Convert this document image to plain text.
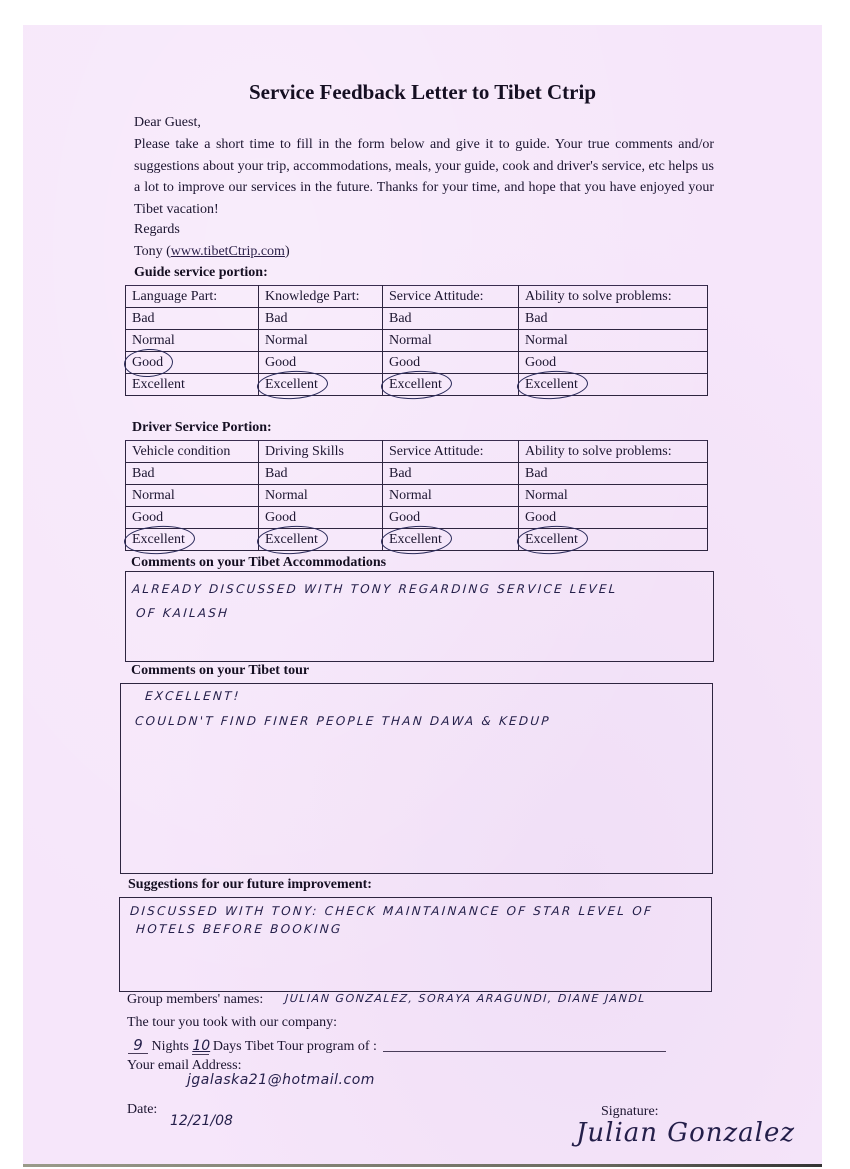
Service Feedback Letter to Tibet Ctrip
Dear Guest,
Please take a short time to fill in the form below and give it to guide. Your true comments and/or suggestions about your trip, accommodations, meals, your guide, cook and driver's service, etc helps us a lot to improve our services in the future. Thanks for your time, and hope that you have enjoyed your Tibet vacation!
Regards
Tony (www.tibetCtrip.com)
Guide service portion:
Language Part:	Knowledge Part:	Service Attitude:	Ability to solve problems:
Bad	Bad	Bad	Bad
Normal	Normal	Normal	Normal
Good	Good	Good	Good
Excellent	Excellent	Excellent	Excellent
Driver Service Portion:
Vehicle condition	Driving Skills	Service Attitude:	Ability to solve problems:
Bad	Bad	Bad	Bad
Normal	Normal	Normal	Normal
Good	Good	Good	Good
Excellent	Excellent	Excellent	Excellent
Comments on your Tibet Accommodations
ALREADY DISCUSSED WITH TONY REGARDING SERVICE LEVEL
OF KAILASH
Comments on your Tibet tour
EXCELLENT!
COULDN'T FIND FINER PEOPLE THAN DAWA & KEDUP
Suggestions for our future improvement:
DISCUSSED WITH TONY: CHECK MAINTAINANCE OF STAR LEVEL OF
HOTELS BEFORE BOOKING
Group members' names: JULIAN GONZALEZ, SORAYA ARAGUNDI, DIANE JANDL
The tour you took with our company:
9 Nights 10 Days Tibet Tour program of :
Your email Address:
jgalaska21@hotmail.com
Date:
12/21/08
Signature:
Julian Gonzalez
